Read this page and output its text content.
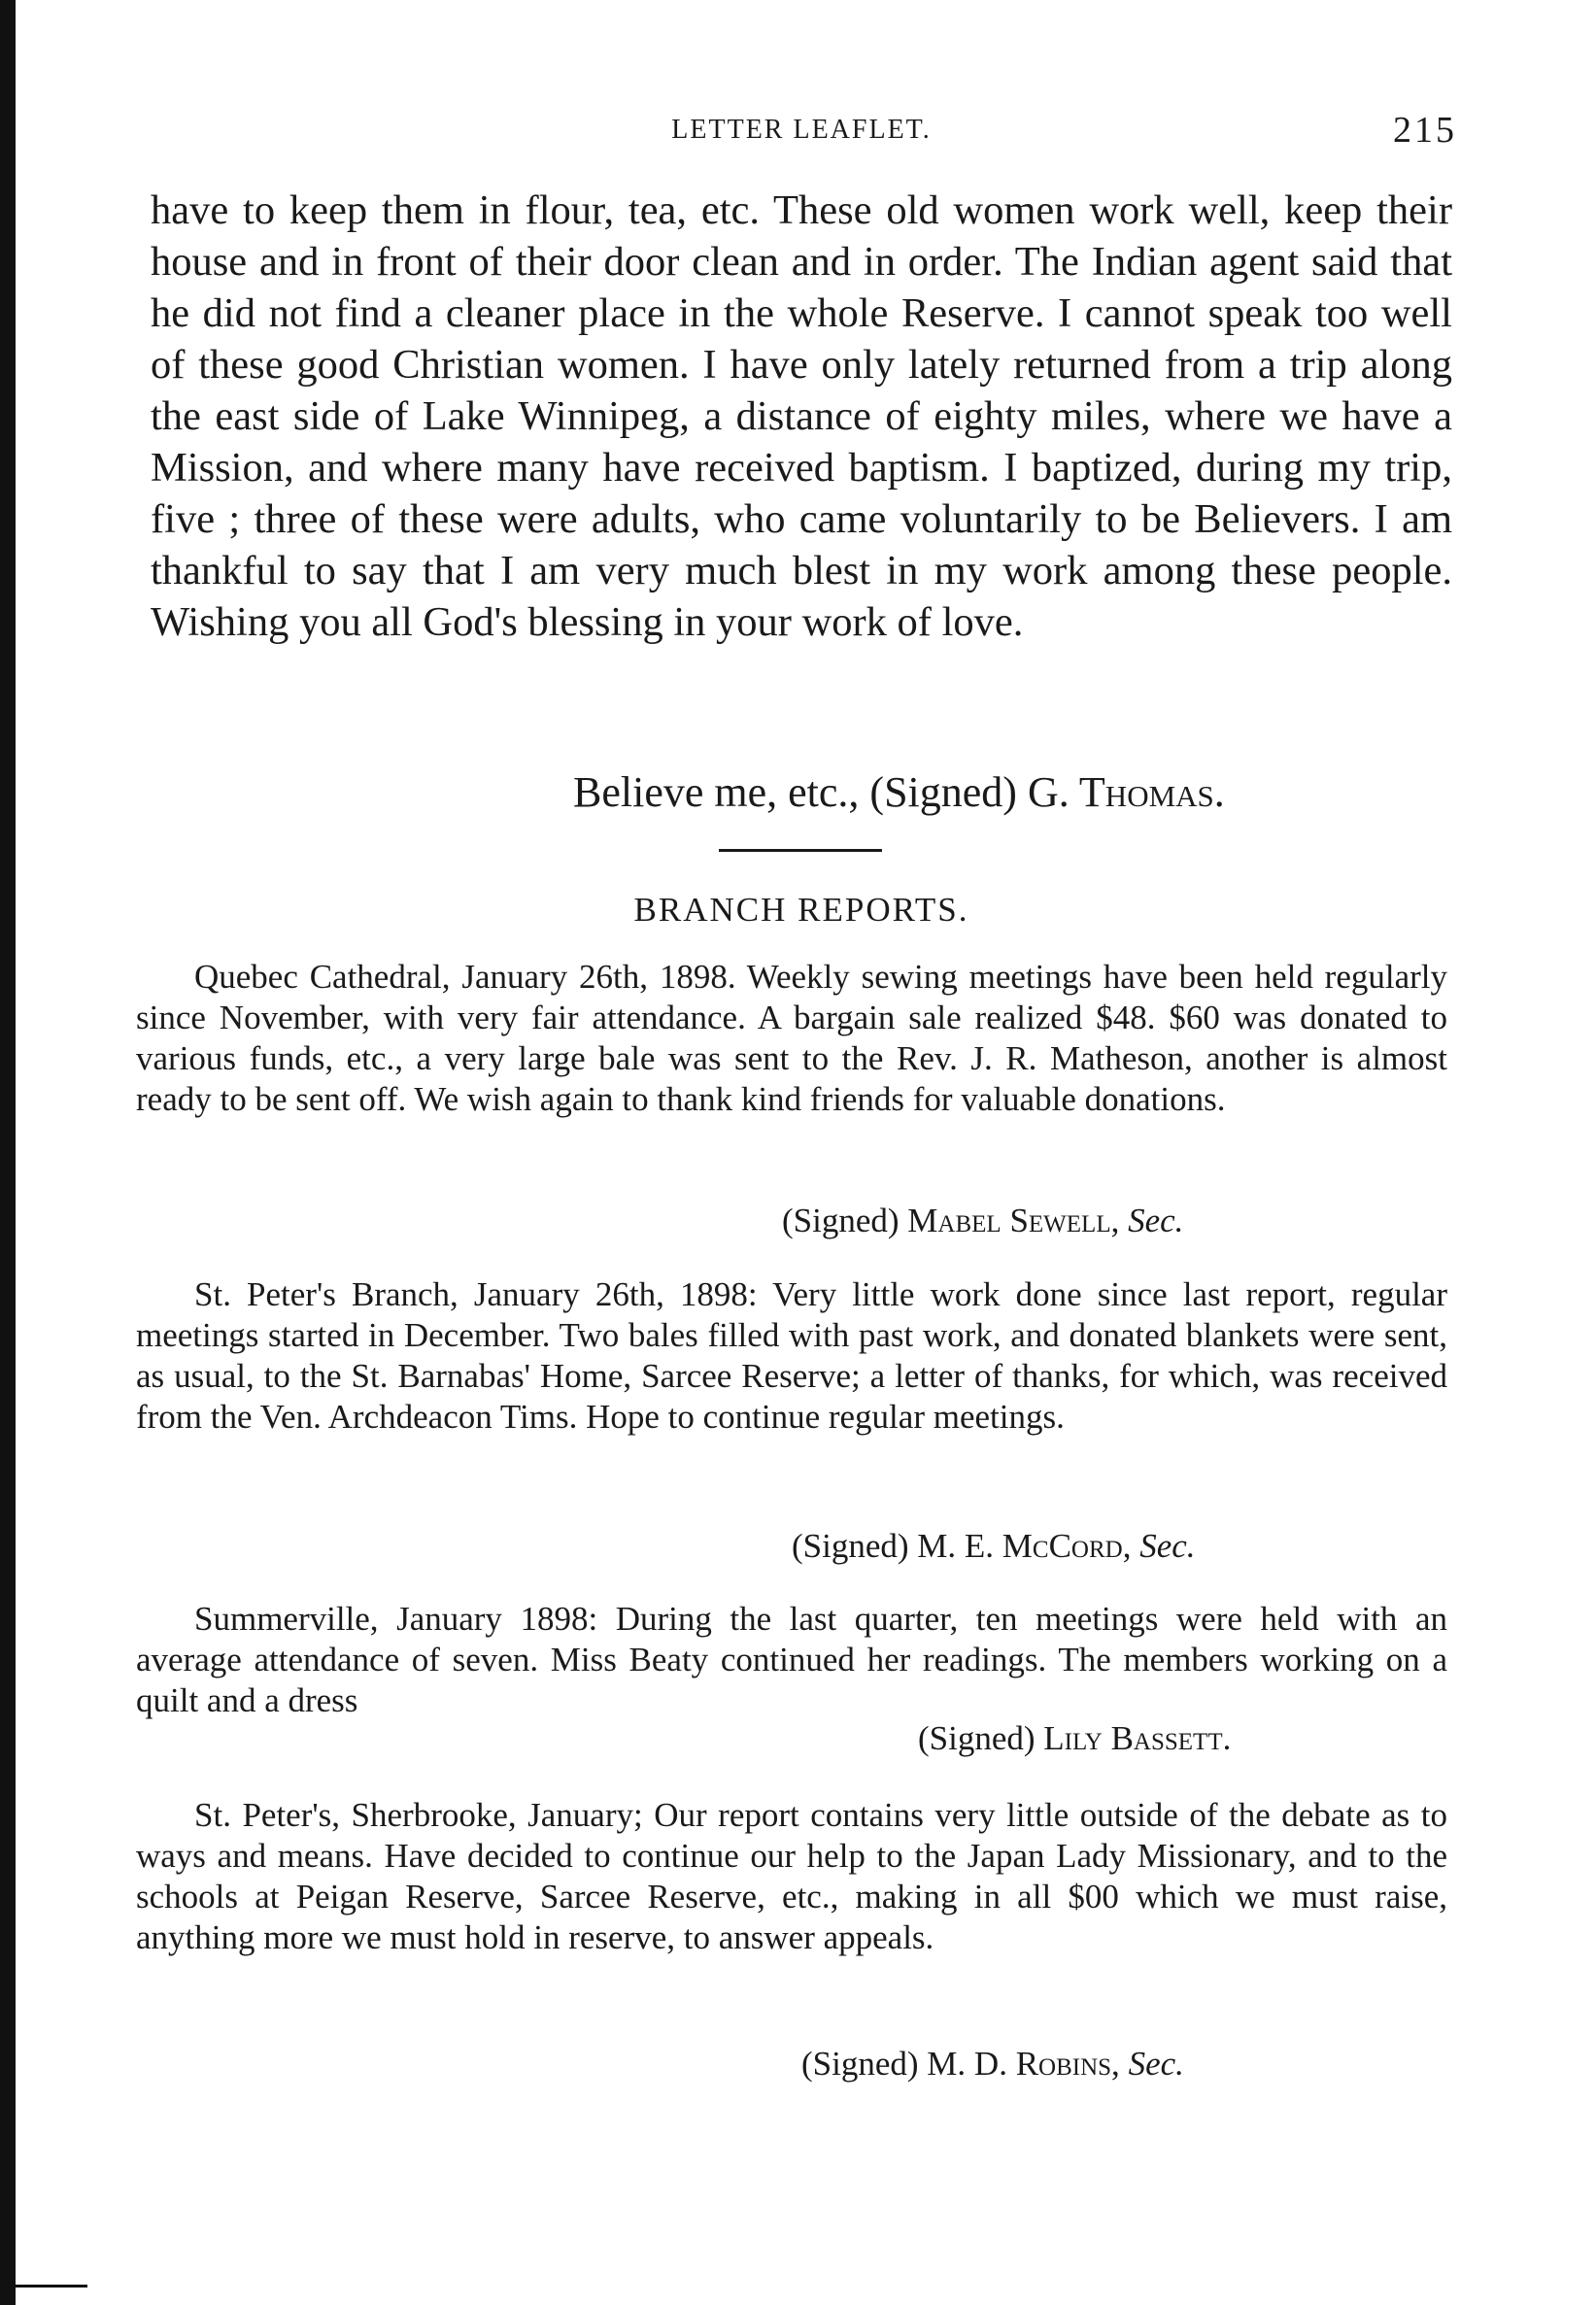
LETTER LEAFLET.	215

have to keep them in flour, tea, etc. These old women work well, keep their house and in front of their door clean and in order. The Indian agent said that he did not find a cleaner place in the whole Reserve. I cannot speak too well of these good Christian women. I have only lately returned from a trip along the east side of Lake Winnipeg, a distance of eighty miles, where we have a Mission, and where many have received baptism. I baptized, during my trip, five ; three of these were adults, who came voluntarily to be Believers. I am thankful to say that I am very much blest in my work among these people. Wishing you all God's blessing in your work of love.

Believe me, etc., (Signed) G. Thomas.
BRANCH REPORTS.

Quebec Cathedral, January 26th, 1898. Weekly sewing meetings have been held regularly since November, with very fair attendance. A bargain sale realized $48. $60 was donated to various funds, etc., a very large bale was sent to the Rev. J. R. Matheson, another is almost ready to be sent off. We wish again to thank kind friends for valuable donations.

(Signed) Mabel Sewell, Sec.

St. Peter's Branch, January 26th, 1898: Very little work done since last report, regular meetings started in December. Two bales filled with past work, and donated blankets were sent, as usual, to the St. Barnabas' Home, Sarcee Reserve; a letter of thanks, for which, was received from the Ven. Archdeacon Tims. Hope to continue regular meetings.

(Signed) M. E. McCord, Sec.

Summerville, January 1898: During the last quarter, ten meetings were held with an average attendance of seven. Miss Beaty continued her readings. The members working on a quilt and a dress

(Signed) Lily Bassett.

St. Peter's, Sherbrooke, January; Our report contains very little outside of the debate as to ways and means. Have decided to continue our help to the Japan Lady Missionary, and to the schools at Peigan Reserve, Sarcee Reserve, etc., making in all $00 which we must raise, anything more we must hold in reserve, to answer appeals.

(Signed) M. D. Robins, Sec.
